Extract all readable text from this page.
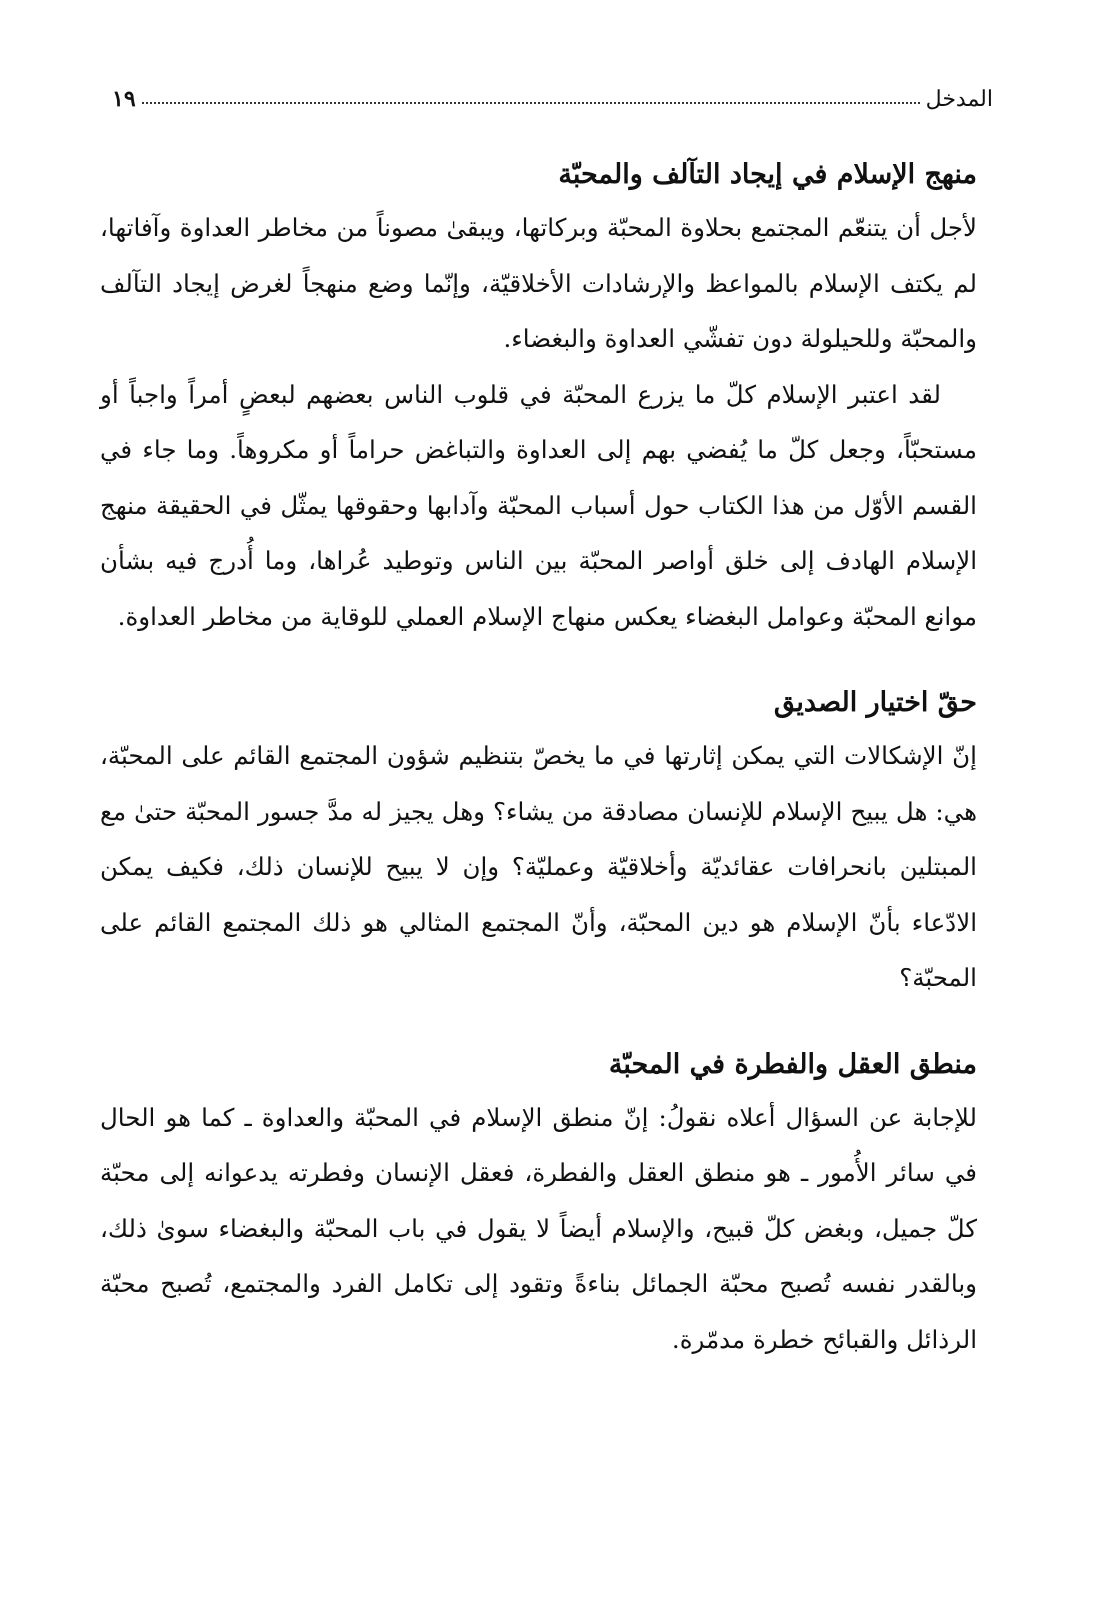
المدخل
١٩
منهج الإسلام في إيجاد التآلف والمحبّة

لأجل أن يتنعّم المجتمع بحلاوة المحبّة وبركاتها، ويبقىٰ مصوناً من مخاطر العداوة وآفاتها، لم يكتف الإسلام بالمواعظ والإرشادات الأخلاقيّة، وإنّما وضع منهجاً لغرض إيجاد التآلف والمحبّة وللحيلولة دون تفشّي العداوة والبغضاء.

لقد اعتبر الإسلام كلّ ما يزرع المحبّة في قلوب الناس بعضهم لبعضٍ أمراً واجباً أو مستحبّاً، وجعل كلّ ما يُفضي بهم إلى العداوة والتباغض حراماً أو مكروهاً. وما جاء في القسم الأوّل من هذا الكتاب حول أسباب المحبّة وآدابها وحقوقها يمثّل في الحقيقة منهج الإسلام الهادف إلى خلق أواصر المحبّة بين الناس وتوطيد عُراها، وما أُدرج فيه بشأن موانع المحبّة وعوامل البغضاء يعكس منهاج الإسلام العملي للوقاية من مخاطر العداوة.

حقّ اختيار الصديق

إنّ الإشكالات التي يمكن إثارتها في ما يخصّ بتنظيم شؤون المجتمع القائم على المحبّة، هي: هل يبيح الإسلام للإنسان مصادقة من يشاء؟ وهل يجيز له مدَّ جسور المحبّة حتىٰ مع المبتلين بانحرافات عقائديّة وأخلاقيّة وعمليّة؟ وإن لا يبيح للإنسان ذلك، فكيف يمكن الادّعاء بأنّ الإسلام هو دين المحبّة، وأنّ المجتمع المثالي هو ذلك المجتمع القائم على المحبّة؟

منطق العقل والفطرة في المحبّة

للإجابة عن السؤال أعلاه نقولُ: إنّ منطق الإسلام في المحبّة والعداوة ـ كما هو الحال في سائر الأُمور ـ هو منطق العقل والفطرة، فعقل الإنسان وفطرته يدعوانه إلى محبّة كلّ جميل، وبغض كلّ قبيح، والإسلام أيضاً لا يقول في باب المحبّة والبغضاء سوىٰ ذلك، وبالقدر نفسه تُصبح محبّة الجمائل بناءةً وتقود إلى تكامل الفرد والمجتمع، تُصبح محبّة الرذائل والقبائح خطرة مدمّرة.
